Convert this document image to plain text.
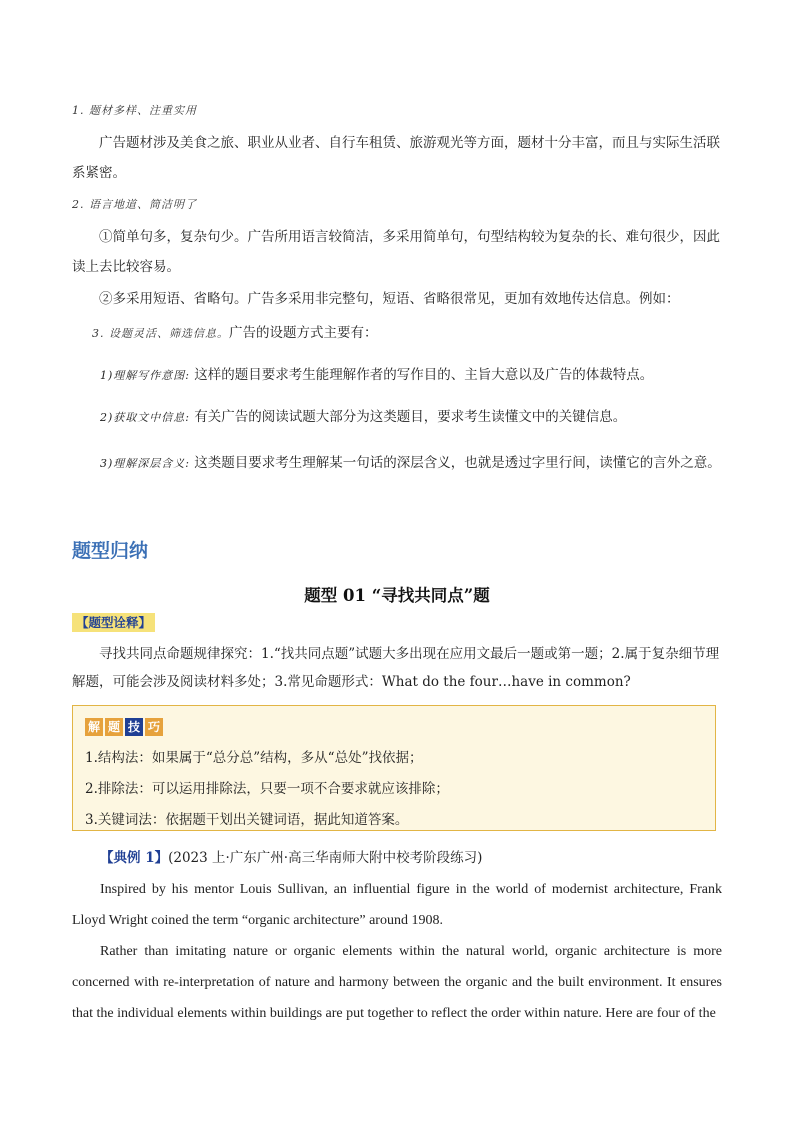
1. 题材多样、注重实用
广告题材涉及美食之旅、职业从业者、自行车租赁、旅游观光等方面，题材十分丰富，而且与实际生活联系紧密。
2. 语言地道、简洁明了
①简单句多，复杂句少。广告所用语言较简洁，多采用简单句，句型结构较为复杂的长、难句很少，因此读上去比较容易。
②多采用短语、省略句。广告多采用非完整句，短语、省略很常见，更加有效地传达信息。例如：
3. 设题灵活、筛选信息。广告的设题方式主要有：
1)理解写作意图: 这样的题目要求考生能理解作者的写作目的、主旨大意以及广告的体裁特点。
2)获取文中信息: 有关广告的阅读试题大部分为这类题目，要求考生读懂文中的关键信息。
3)理解深层含义: 这类题目要求考生理解某一句话的深层含义，也就是透过字里行间，读懂它的言外之意。
题型归纳
题型 01 “寻找共同点”题
【题型诠释】
寻找共同点命题规律探究：1.“找共同点题”试题大多出现在应用文最后一题或第一题；2.属于复杂细节理解题，可能会涉及阅读材料多处；3.常见命题形式：What do the four…have in common?
解 题 技 巧
1.结构法：如果属于“总分总”结构，多从“总处”找依据；
2.排除法：可以运用排除法，只要一项不合要求就应该排除；
3.关键词法：依据题干划出关键词语，据此知道答案。
【典例 1】(2023 上·广东广州·高三华南师大附中校考阶段练习)
Inspired by his mentor Louis Sullivan, an influential figure in the world of modernist architecture, Frank Lloyd Wright coined the term “organic architecture” around 1908.
Rather than imitating nature or organic elements within the natural world, organic architecture is more concerned with re-interpretation of nature and harmony between the organic and the built environment. It ensures that the individual elements within buildings are put together to reflect the order within nature. Here are four of the
